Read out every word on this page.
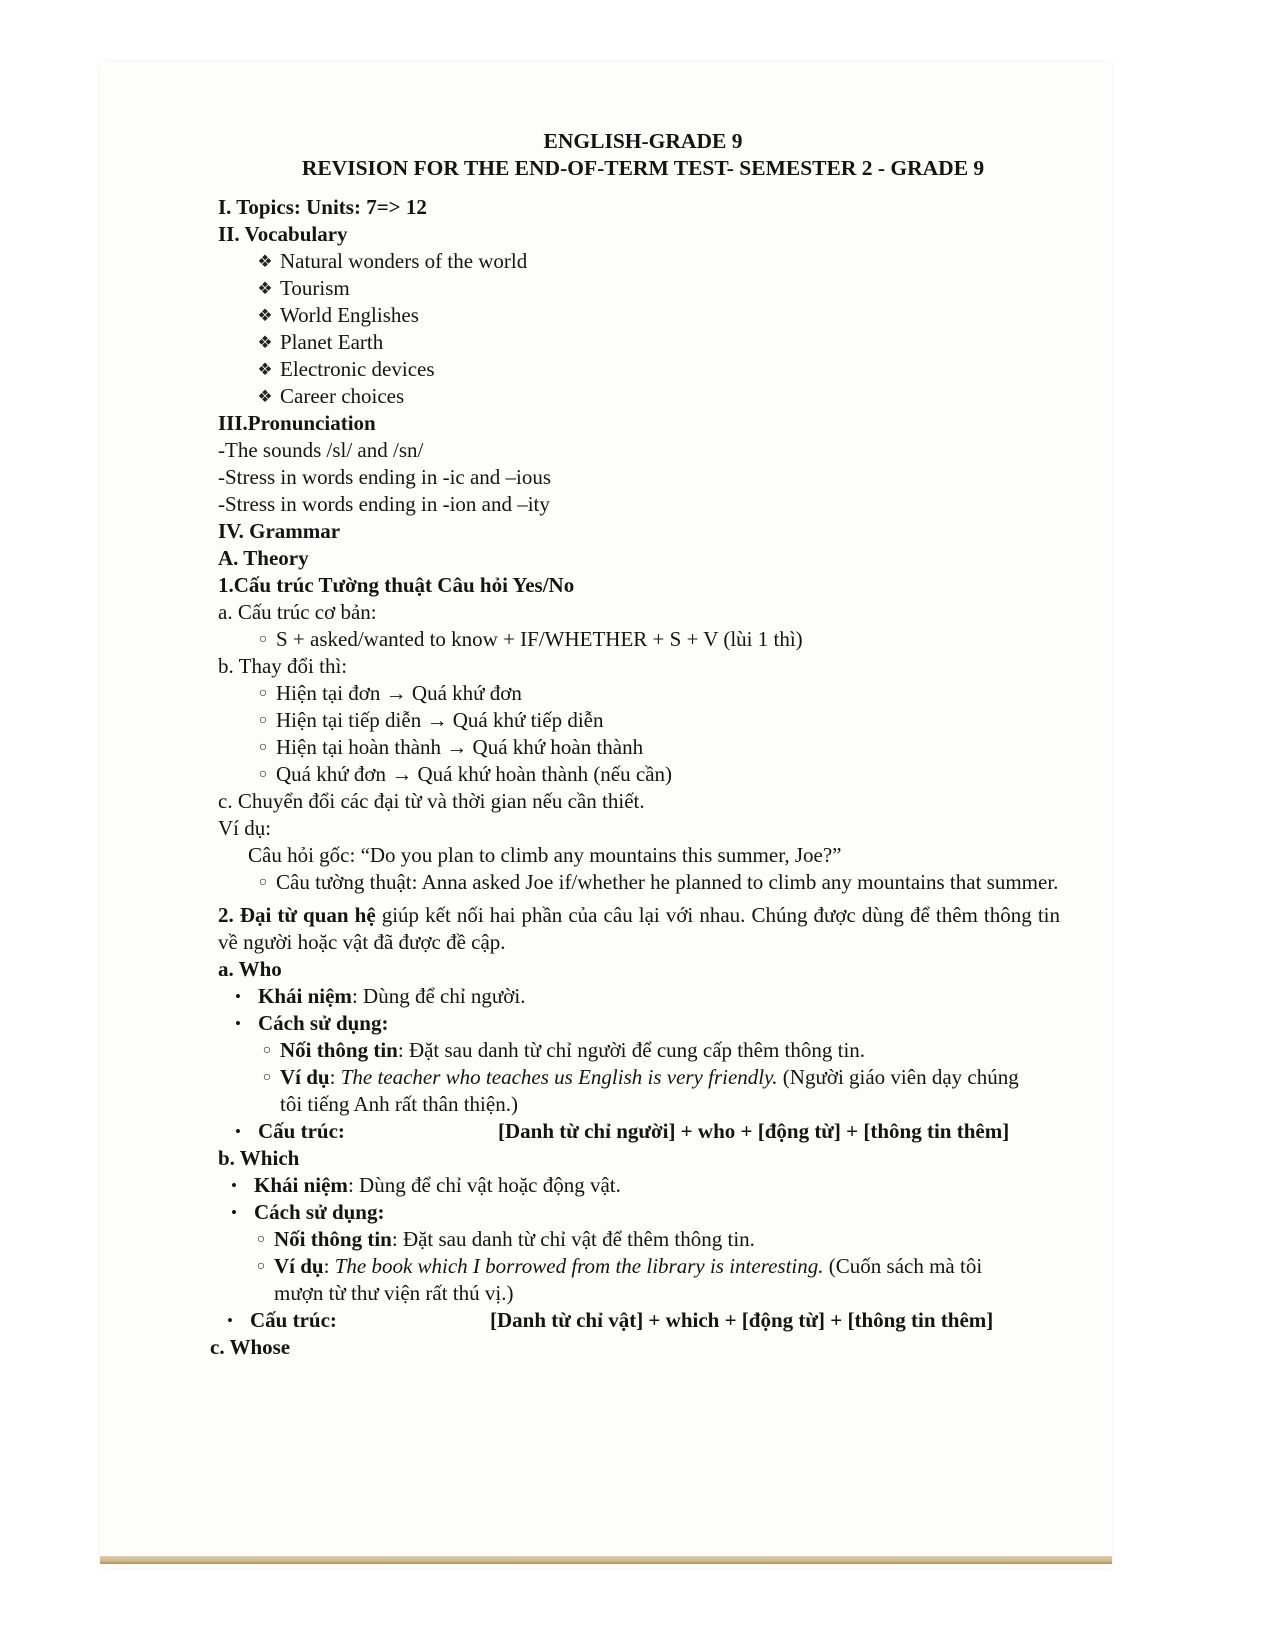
ENGLISH-GRADE 9
REVISION FOR THE END-OF-TERM TEST- SEMESTER 2 - GRADE 9
I. Topics: Units: 7=> 12
II. Vocabulary
❖ Natural wonders of the world
❖ Tourism
❖ World Englishes
❖ Planet Earth
❖ Electronic devices
❖ Career choices
III.Pronunciation
-The sounds /sl/ and /sn/
-Stress in words ending in -ic and –ious
-Stress in words ending in -ion and –ity
IV. Grammar
A. Theory
1.Cấu trúc Tường thuật Câu hỏi Yes/No
a. Cấu trúc cơ bản:
○ S + asked/wanted to know + IF/WHETHER + S + V (lùi 1 thì)
b. Thay đổi thì:
○ Hiện tại đơn → Quá khứ đơn
○ Hiện tại tiếp diễn → Quá khứ tiếp diễn
○ Hiện tại hoàn thành → Quá khứ hoàn thành
○ Quá khứ đơn → Quá khứ hoàn thành (nếu cần)
c. Chuyển đổi các đại từ và thời gian nếu cần thiết.
Ví dụ:
Câu hỏi gốc: “Do you plan to climb any mountains this summer, Joe?”
○ Câu tường thuật: Anna asked Joe if/whether he planned to climb any mountains that summer.
2. Đại từ quan hệ giúp kết nối hai phần của câu lại với nhau. Chúng được dùng để thêm thông tin về người hoặc vật đã được đề cập.
a. Who
• Khái niệm: Dùng để chỉ người.
• Cách sử dụng:
○ Nối thông tin: Đặt sau danh từ chỉ người để cung cấp thêm thông tin.
○ Ví dụ: The teacher who teaches us English is very friendly. (Người giáo viên dạy chúng tôi tiếng Anh rất thân thiện.)
• Cấu trúc:	[Danh từ chỉ người] + who + [động từ] + [thông tin thêm]
b. Which
• Khái niệm: Dùng để chỉ vật hoặc động vật.
• Cách sử dụng:
○ Nối thông tin: Đặt sau danh từ chỉ vật để thêm thông tin.
○ Ví dụ: The book which I borrowed from the library is interesting. (Cuốn sách mà tôi mượn từ thư viện rất thú vị.)
• Cấu trúc:	[Danh từ chỉ vật] + which + [động từ] + [thông tin thêm]
c. Whose
